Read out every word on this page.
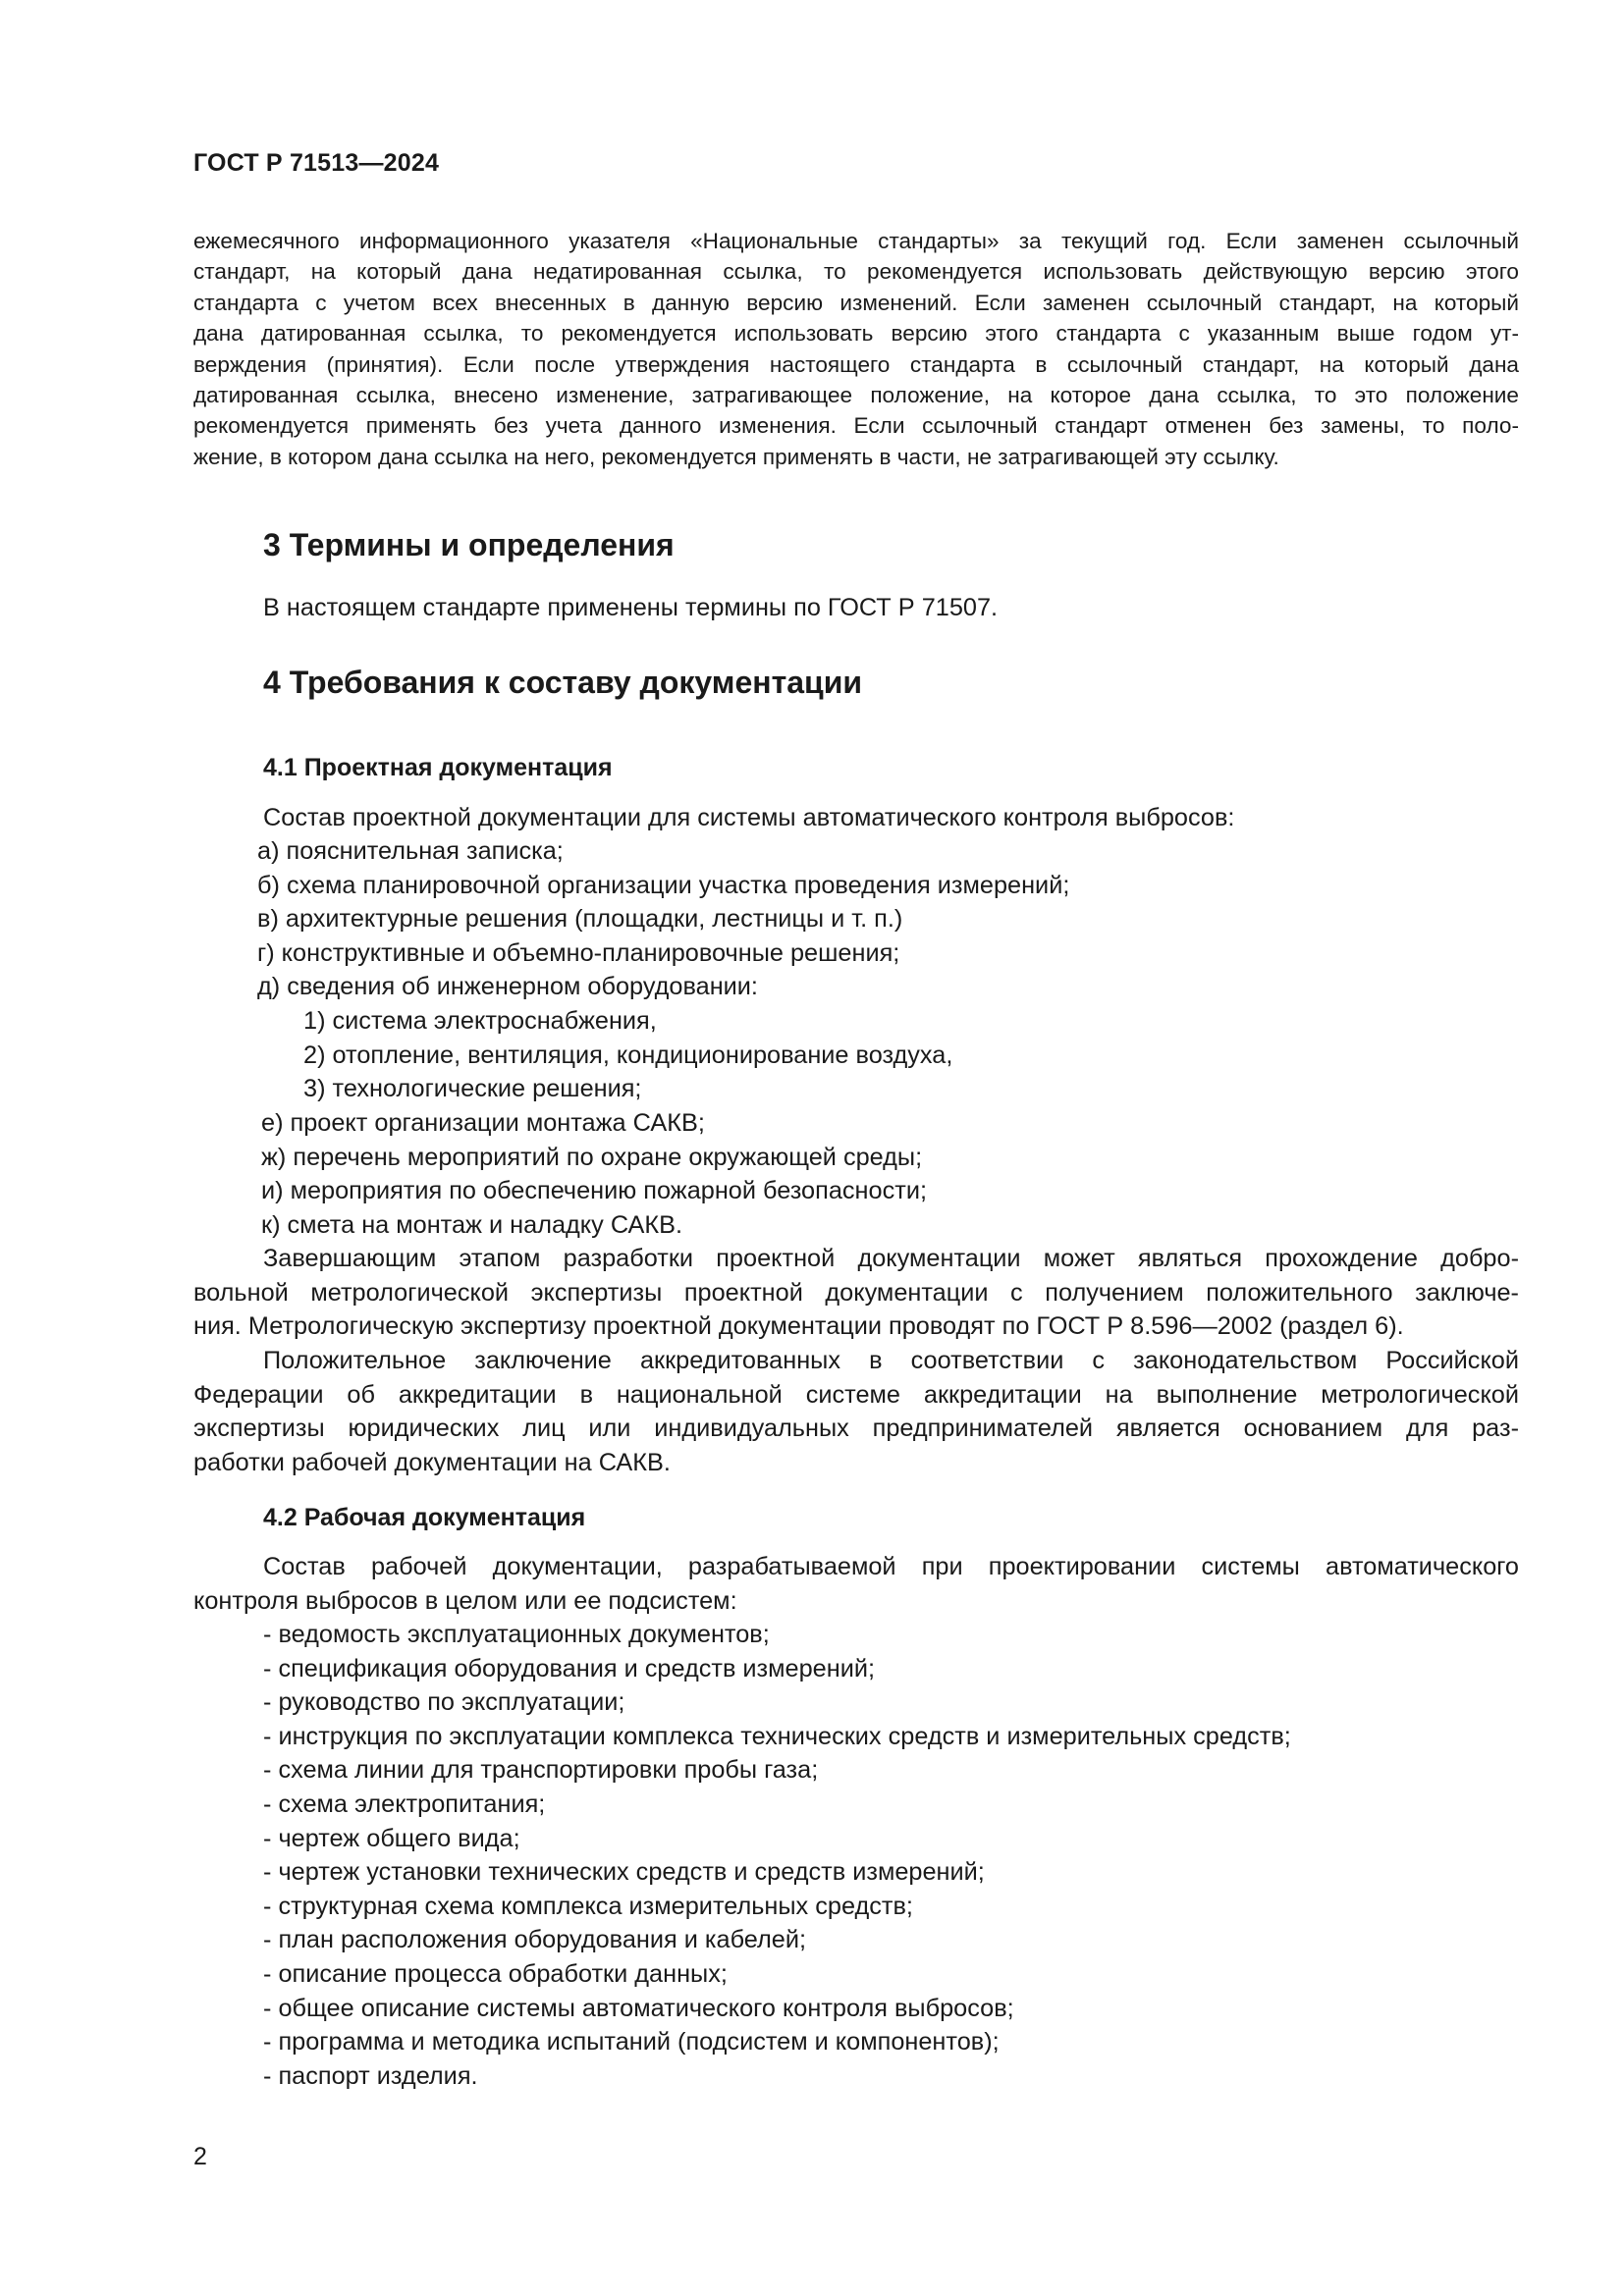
ГОСТ Р 71513—2024
ежемесячного информационного указателя «Национальные стандарты» за текущий год. Если заменен ссылочный
стандарт, на который дана недатированная ссылка, то рекомендуется использовать действующую версию этого
стандарта с учетом всех внесенных в данную версию изменений. Если заменен ссылочный стандарт, на который
дана датированная ссылка, то рекомендуется использовать версию этого стандарта с указанным выше годом ут-
верждения (принятия). Если после утверждения настоящего стандарта в ссылочный стандарт, на который дана
датированная ссылка, внесено изменение, затрагивающее положение, на которое дана ссылка, то это положение
рекомендуется применять без учета данного изменения. Если ссылочный стандарт отменен без замены, то поло-
жение, в котором дана ссылка на него, рекомендуется применять в части, не затрагивающей эту ссылку.
3 Термины и определения

В настоящем стандарте применены термины по ГОСТ Р 71507.

4 Требования к составу документации
4.1 Проектная документация

Состав проектной документации для системы автоматического контроля выбросов:

а) пояснительная записка;
б) схема планировочной организации участка проведения измерений;
в) архитектурные решения (площадки, лестницы и т. п.)
г) конструктивные и объемно-планировочные решения;
д) сведения об инженерном оборудовании:
1) система электроснабжения,
2) отопление, вентиляция, кондиционирование воздуха,
3) технологические решения;
е) проект организации монтажа САКВ;
ж) перечень мероприятий по охране окружающей среды;
и) мероприятия по обеспечению пожарной безопасности;
к) смета на монтаж и наладку САКВ.
Завершающим этапом разработки проектной документации может являться прохождение добро-
вольной метрологической экспертизы проектной документации с получением положительного заключе-
ния. Метрологическую экспертизу проектной документации проводят по ГОСТ Р 8.596—2002 (раздел 6).
Положительное заключение аккредитованных в соответствии с законодательством Российской
Федерации об аккредитации в национальной системе аккредитации на выполнение метрологической
экспертизы юридических лиц или индивидуальных предпринимателей является основанием для раз-
работки рабочей документации на САКВ.
4.2 Рабочая документация
Состав рабочей документации, разрабатываемой при проектировании системы автоматического
контроля выбросов в целом или ее подсистем:
- ведомость эксплуатационных документов;
- спецификация оборудования и средств измерений;
- руководство по эксплуатации;
- инструкция по эксплуатации комплекса технических средств и измерительных средств;
- схема линии для транспортировки пробы газа;
- схема электропитания;
- чертеж общего вида;
- чертеж установки технических средств и средств измерений;
- структурная схема комплекса измерительных средств;
- план расположения оборудования и кабелей;
- описание процесса обработки данных;
- общее описание системы автоматического контроля выбросов;
- программа и методика испытаний (подсистем и компонентов);
- паспорт изделия.
2
